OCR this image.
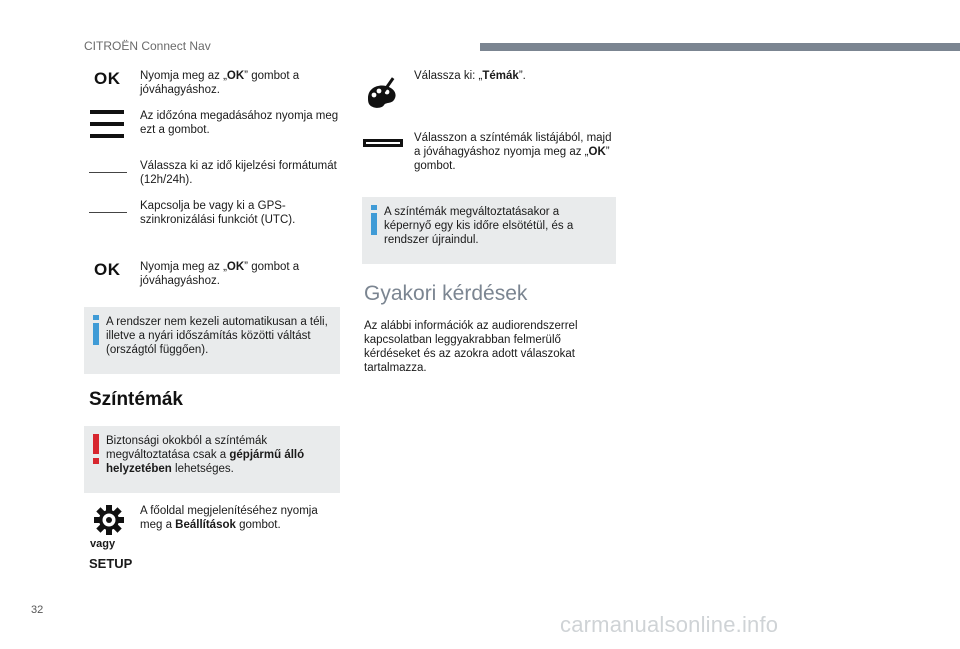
CITROËN Connect Nav
OK Nyomja meg az „OK” gombot a jóváhagyáshoz.
Az időzóna megadásához nyomja meg ezt a gombot.
Válassza ki az idő kijelzési formátumát (12h/24h).
Kapcsolja be vagy ki a GPS-szinkronizálási funkciót (UTC).
OK Nyomja meg az „OK” gombot a jóváhagyáshoz.
A rendszer nem kezeli automatikusan a téli, illetve a nyári időszámítás közötti váltást (országtól függően).
Színtémák
Biztonsági okokból a színtémák megváltoztatása csak a gépjármű álló helyzetében lehetséges.
vagy
SETUP
A főoldal megjelenítéséhez nyomja meg a Beállítások gombot.
Válassza ki: „Témák”.
Válasszon a színtémák listájából, majd a jóváhagyáshoz nyomja meg az „OK” gombot.
A színtémák megváltoztatásakor a képernyő egy kis időre elsötétül, és a rendszer újraindul.
Gyakori kérdések
Az alábbi információk az audiorendszerrel kapcsolatban leggyakrabban felmerülő kérdéseket és az azokra adott válaszokat tartalmazza.
32
carmanualsonline.info
